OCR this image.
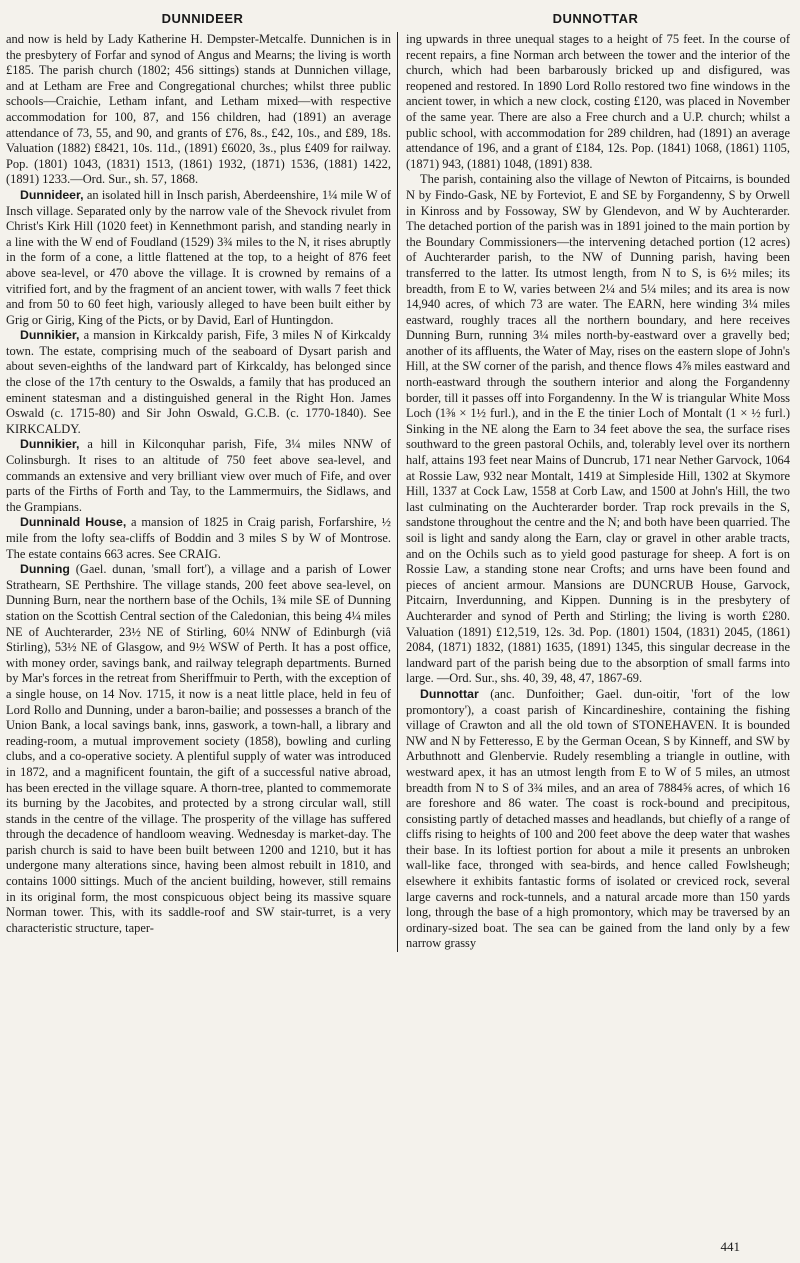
DUNNIDEER	DUNNOTTAR

and now is held by Lady Katherine H. Dempster-Metcalfe. Dunnichen is in the presbytery of Forfar and synod of Angus and Mearns; the living is worth £185. The parish church (1802; 456 sittings) stands at Dunnichen village, and at Letham are Free and Congregational churches; whilst three public schools—Craichie, Letham infant, and Letham mixed—with respective accommodation for 100, 87, and 156 children, had (1891) an average attendance of 73, 55, and 90, and grants of £76, 8s., £42, 10s., and £89, 18s. Valuation (1882) £8421, 10s. 11d., (1891) £6020, 3s., plus £409 for railway. Pop. (1801) 1043, (1831) 1513, (1861) 1932, (1871) 1536, (1881) 1422, (1891) 1233.—Ord. Sur., sh. 57, 1868.

Dunnideer, an isolated hill in Insch parish, Aberdeenshire, 1¼ mile W of Insch village. Separated only by the narrow vale of the Shevock rivulet from Christ's Kirk Hill (1020 feet) in Kennethmont parish, and standing nearly in a line with the W end of Foudland (1529) 3¾ miles to the N, it rises abruptly in the form of a cone, a little flattened at the top, to a height of 876 feet above sea-level, or 470 above the village. It is crowned by remains of a vitrified fort, and by the fragment of an ancient tower, with walls 7 feet thick and from 50 to 60 feet high, variously alleged to have been built either by Grig or Girig, King of the Picts, or by David, Earl of Huntingdon.

Dunnikier, a mansion in Kirkcaldy parish, Fife, 3 miles N of Kirkcaldy town. The estate, comprising much of the seaboard of Dysart parish and about seven-eighths of the landward part of Kirkcaldy, has belonged since the close of the 17th century to the Oswalds, a family that has produced an eminent statesman and a distinguished general in the Right Hon. James Oswald (c. 1715-80) and Sir John Oswald, G.C.B. (c. 1770-1840). See KIRKCALDY.

Dunnikier, a hill in Kilconquhar parish, Fife, 3¼ miles NNW of Colinsburgh. It rises to an altitude of 750 feet above sea-level, and commands an extensive and very brilliant view over much of Fife, and over parts of the Firths of Forth and Tay, to the Lammermuirs, the Sidlaws, and the Grampians.

Dunninald House, a mansion of 1825 in Craig parish, Forfarshire, ½ mile from the lofty sea-cliffs of Boddin and 3 miles S by W of Montrose. The estate contains 663 acres. See CRAIG.

Dunning (Gael. dunan, 'small fort'), a village and a parish of Lower Strathearn, SE Perthshire. The village stands, 200 feet above sea-level, on Dunning Burn, near the northern base of the Ochils, 1¾ mile SE of Dunning station on the Scottish Central section of the Caledonian, this being 4¼ miles NE of Auchterarder, 23½ NE of Stirling, 60¼ NNW of Edinburgh (viâ Stirling), 53½ NE of Glasgow, and 9½ WSW of Perth. It has a post office, with money order, savings bank, and railway telegraph departments. Burned by Mar's forces in the retreat from Sheriffmuir to Perth, with the exception of a single house, on 14 Nov. 1715, it now is a neat little place, held in feu of Lord Rollo and Dunning, under a baron-bailie; and possesses a branch of the Union Bank, a local savings bank, inns, gaswork, a town-hall, a library and reading-room, a mutual improvement society (1858), bowling and curling clubs, and a co-operative society. A plentiful supply of water was introduced in 1872, and a magnificent fountain, the gift of a successful native abroad, has been erected in the village square. A thorn-tree, planted to commemorate its burning by the Jacobites, and protected by a strong circular wall, still stands in the centre of the village. The prosperity of the village has suffered through the decadence of handloom weaving. Wednesday is market-day. The parish church is said to have been built between 1200 and 1210, but it has undergone many alterations since, having been almost rebuilt in 1810, and contains 1000 sittings. Much of the ancient building, however, still remains in its original form, the most conspicuous object being its massive square Norman tower. This, with its saddle-roof and SW stair-turret, is a very characteristic structure, taper-

ing upwards in three unequal stages to a height of 75 feet. In the course of recent repairs, a fine Norman arch between the tower and the interior of the church, which had been barbarously bricked up and disfigured, was reopened and restored. In 1890 Lord Rollo restored two fine windows in the ancient tower, in which a new clock, costing £120, was placed in November of the same year. There are also a Free church and a U.P. church; whilst a public school, with accommodation for 289 children, had (1891) an average attendance of 196, and a grant of £184, 12s. Pop. (1841) 1068, (1861) 1105, (1871) 943, (1881) 1048, (1891) 838.

The parish, containing also the village of Newton of Pitcairns, is bounded N by Findo-Gask, NE by Forteviot, E and SE by Forgandenny, S by Orwell in Kinross and by Fossoway, SW by Glendevon, and W by Auchterarder. The detached portion of the parish was in 1891 joined to the main portion by the Boundary Commissioners—the intervening detached portion (12 acres) of Auchterarder parish, to the NW of Dunning parish, having been transferred to the latter. Its utmost length, from N to S, is 6½ miles; its breadth, from E to W, varies between 2¼ and 5¼ miles; and its area is now 14,940 acres, of which 73 are water. The EARN, here winding 3¼ miles eastward, roughly traces all the northern boundary, and here receives Dunning Burn, running 3¼ miles north-by-eastward over a gravelly bed; another of its affluents, the Water of May, rises on the eastern slope of John's Hill, at the SW corner of the parish, and thence flows 4⅞ miles eastward and north-eastward through the southern interior and along the Forgandenny border, till it passes off into Forgandenny. In the W is triangular White Moss Loch (1⅜ × 1½ furl.), and in the E the tinier Loch of Montalt (1 × ½ furl.) Sinking in the NE along the Earn to 34 feet above the sea, the surface rises southward to the green pastoral Ochils, and, tolerably level over its northern half, attains 193 feet near Mains of Duncrub, 171 near Nether Garvock, 1064 at Rossie Law, 932 near Montalt, 1419 at Simpleside Hill, 1302 at Skymore Hill, 1337 at Cock Law, 1558 at Corb Law, and 1500 at John's Hill, the two last culminating on the Auchterarder border. Trap rock prevails in the S, sandstone throughout the centre and the N; and both have been quarried. The soil is light and sandy along the Earn, clay or gravel in other arable tracts, and on the Ochils such as to yield good pasturage for sheep. A fort is on Rossie Law, a standing stone near Crofts; and urns have been found and pieces of ancient armour. Mansions are DUNCRUB House, Garvock, Pitcairn, Inverdunning, and Kippen. Dunning is in the presbytery of Auchterarder and synod of Perth and Stirling; the living is worth £280. Valuation (1891) £12,519, 12s. 3d. Pop. (1801) 1504, (1831) 2045, (1861) 2084, (1871) 1832, (1881) 1635, (1891) 1345, this singular decrease in the landward part of the parish being due to the absorption of small farms into large. —Ord. Sur., shs. 40, 39, 48, 47, 1867-69.

Dunnottar (anc. Dunfoither; Gael. dun-oitir, 'fort of the low promontory'), a coast parish of Kincardineshire, containing the fishing village of Crawton and all the old town of STONEHAVEN. It is bounded NW and N by Fetteresso, E by the German Ocean, S by Kinneff, and SW by Arbuthnott and Glenbervie. Rudely resembling a triangle in outline, with westward apex, it has an utmost length from E to W of 5 miles, an utmost breadth from N to S of 3¾ miles, and an area of 7884⅝ acres, of which 16 are foreshore and 86 water. The coast is rock-bound and precipitous, consisting partly of detached masses and headlands, but chiefly of a range of cliffs rising to heights of 100 and 200 feet above the deep water that washes their base. In its loftiest portion for about a mile it presents an unbroken wall-like face, thronged with sea-birds, and hence called Fowlsheugh; elsewhere it exhibits fantastic forms of isolated or creviced rock, several large caverns and rock-tunnels, and a natural arcade more than 150 yards long, through the base of a high promontory, which may be traversed by an ordinary-sized boat. The sea can be gained from the land only by a few narrow grassy

441
